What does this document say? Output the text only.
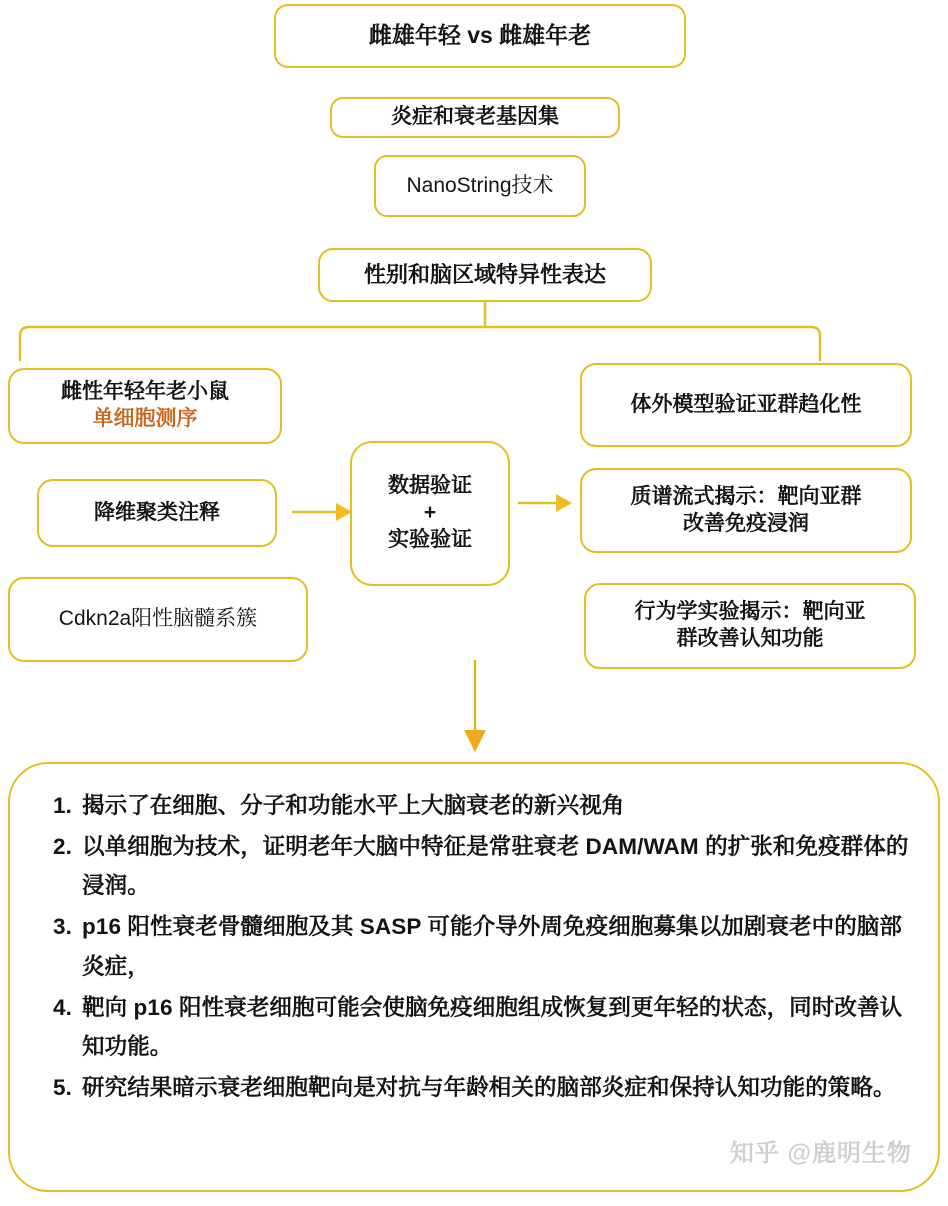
雌雄年轻 vs 雌雄年老
炎症和衰老基因集
NanoString技术
性别和脑区域特异性表达
雌性年轻年老小鼠
单细胞测序
降维聚类注释
Cdkn2a阳性脑髓系簇
数据验证
+
实验验证
体外模型验证亚群趋化性
质谱流式揭示：靶向亚群
改善免疫浸润
行为学实验揭示：靶向亚
群改善认知功能
揭示了在细胞、分子和功能水平上大脑衰老的新兴视角
以单细胞为技术，证明老年大脑中特征是常驻衰老 DAM/WAM 的扩张和免疫群体的浸润。
p16 阳性衰老骨髓细胞及其 SASP 可能介导外周免疫细胞募集以加剧衰老中的脑部炎症，
靶向 p16 阳性衰老细胞可能会使脑免疫细胞组成恢复到更年轻的状态，同时改善认知功能。
研究结果暗示衰老细胞靶向是对抗与年龄相关的脑部炎症和保持认知功能的策略。
知乎 @鹿明生物
